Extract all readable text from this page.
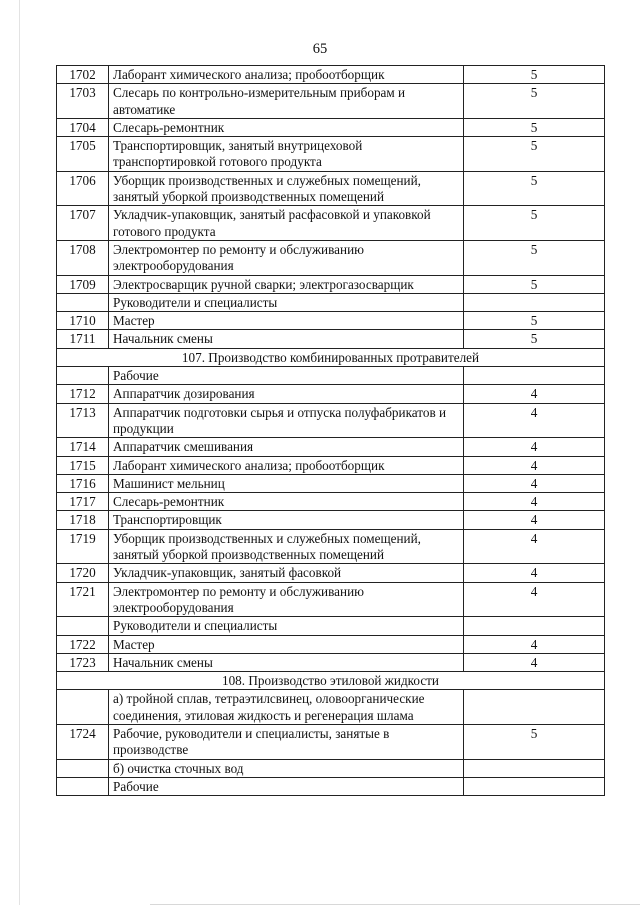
65
1702	Лаборант химического анализа; пробоотборщик	5
1703	Слесарь по контрольно-измерительным приборам и автоматике	5
1704	Слесарь-ремонтник	5
1705	Транспортировщик, занятый внутрицеховой транспортировкой готового продукта	5
1706	Уборщик производственных и служебных помещений, занятый уборкой производственных помещений	5
1707	Укладчик-упаковщик, занятый расфасовкой и упаковкой готового продукта	5
1708	Электромонтер по ремонту и обслуживанию электрооборудования	5
1709	Электросварщик ручной сварки; электрогазосварщик	5
	Руководители и специалисты	
1710	Мастер	5
1711	Начальник смены	5
107. Производство комбинированных протравителей		
	Рабочие	
1712	Аппаратчик дозирования	4
1713	Аппаратчик подготовки сырья и отпуска полуфабрикатов и продукции	4
1714	Аппаратчик смешивания	4
1715	Лаборант химического анализа; пробоотборщик	4
1716	Машинист мельниц	4
1717	Слесарь-ремонтник	4
1718	Транспортировщик	4
1719	Уборщик производственных и служебных помещений, занятый уборкой производственных помещений	4
1720	Укладчик-упаковщик, занятый фасовкой	4
1721	Электромонтер по ремонту и обслуживанию электрооборудования	4
	Руководители и специалисты	
1722	Мастер	4
1723	Начальник смены	4
108. Производство этиловой жидкости		
	а) тройной сплав, тетраэтилсвинец, оловоорганические соединения, этиловая жидкость и регенерация шлама	
1724	Рабочие, руководители и специалисты, занятые в производстве	5
	б) очистка сточных вод	
	Рабочие	
